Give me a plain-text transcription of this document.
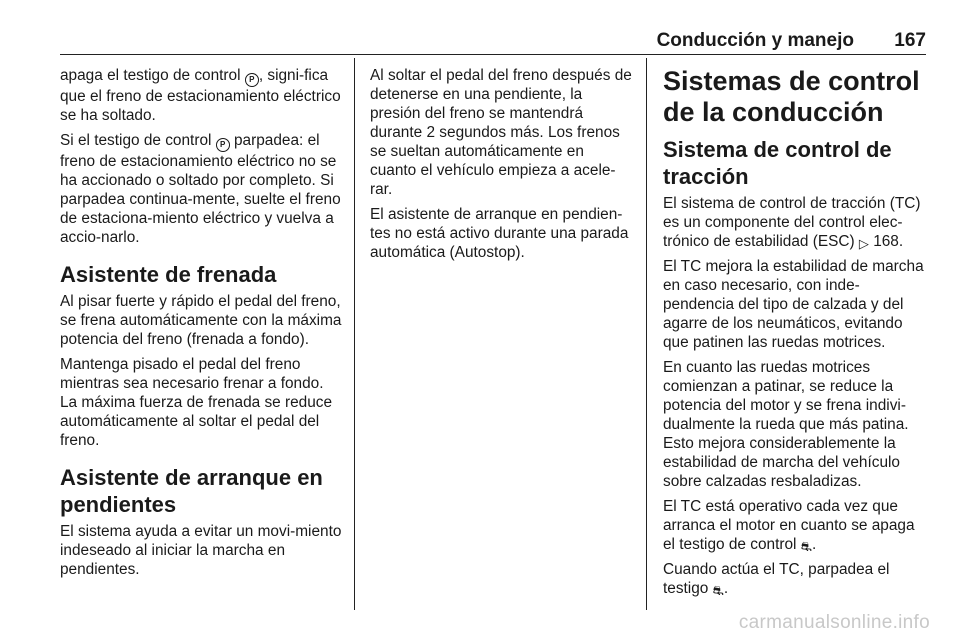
Conducción y manejo 167

apaga el testigo de control P , signi-fica que el freno de estacionamiento eléctrico se ha soltado.

Si el testigo de control P parpadea: el freno de estacionamiento eléctrico no se ha accionado o soltado por completo. Si parpadea continua-mente, suelte el freno de estaciona-miento eléctrico y vuelva a accio-narlo.

Asistente de frenada

Al pisar fuerte y rápido el pedal del freno, se frena automáticamente con la máxima potencia del freno (frenada a fondo).

Mantenga pisado el pedal del freno mientras sea necesario frenar a fondo. La máxima fuerza de frenada se reduce automáticamente al soltar el pedal del freno.

Asistente de arranque en pendientes

El sistema ayuda a evitar un movi-miento indeseado al iniciar la marcha en pendientes.

Al soltar el pedal del freno después de detenerse en una pendiente, la presión del freno se mantendrá durante 2 segundos más. Los frenos se sueltan automáticamente en cuanto el vehículo empieza a acele-rar.

El asistente de arranque en pendien-tes no está activo durante una parada automática (Autostop).

Sistemas de control de la conducción
Sistema de control de tracción

El sistema de control de tracción (TC) es un componente del control elec-trónico de estabilidad (ESC) ▷ 168.

El TC mejora la estabilidad de marcha en caso necesario, con inde-pendencia del tipo de calzada y del agarre de los neumáticos, evitando que patinen las ruedas motrices.

En cuanto las ruedas motrices comienzan a patinar, se reduce la potencia del motor y se frena indivi-dualmente la rueda que más patina. Esto mejora considerablemente la estabilidad de marcha del vehículo sobre calzadas resbaladizas.

El TC está operativo cada vez que arranca el motor en cuanto se apaga el testigo de control ⛐.

Cuando actúa el TC, parpadea el testigo ⛐.

carmanualsonline.info
